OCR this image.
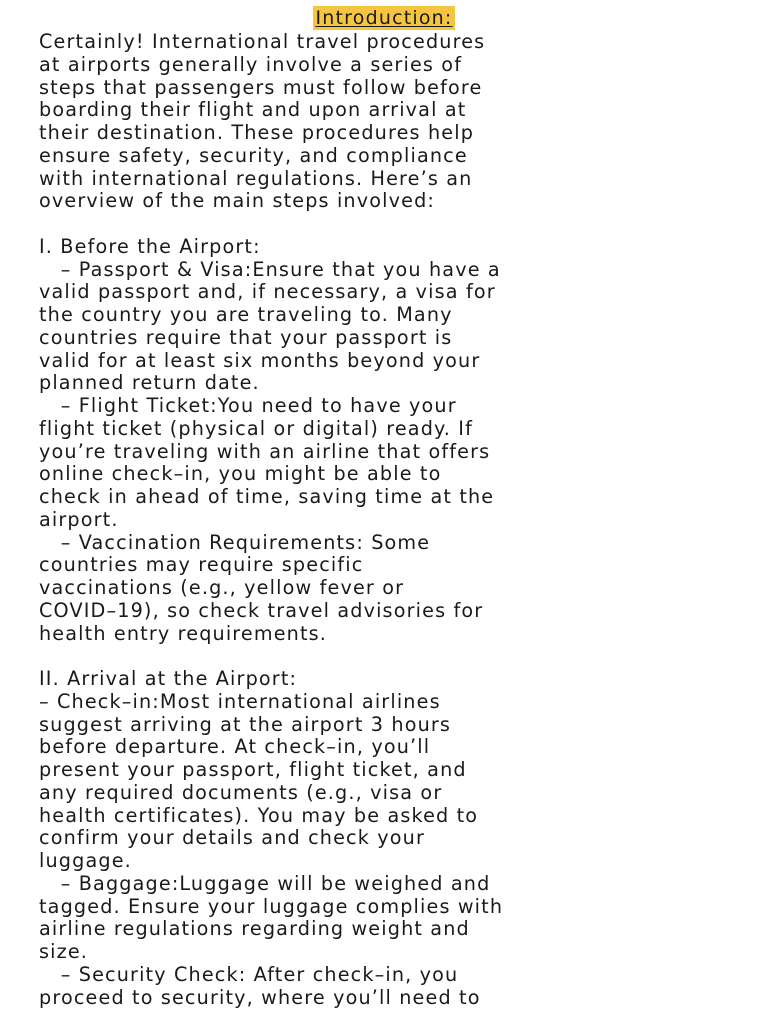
Introduction:
Certainly! International travel procedures
at airports generally involve a series of
steps that passengers must follow before
boarding their flight and upon arrival at
their destination. These procedures help
ensure safety, security, and compliance
with international regulations. Here’s an
overview of the main steps involved:

I. Before the Airport:
– Passport & Visa:Ensure that you have a
valid passport and, if necessary, a visa for
the country you are traveling to. Many
countries require that your passport is
valid for at least six months beyond your
planned return date.
– Flight Ticket:You need to have your
flight ticket (physical or digital) ready. If
you’re traveling with an airline that offers
online check–in, you might be able to
check in ahead of time, saving time at the
airport.
– Vaccination Requirements: Some
countries may require specific
vaccinations (e.g., yellow fever or
COVID–19), so check travel advisories for
health entry requirements.

II. Arrival at the Airport:
– Check–in:Most international airlines
suggest arriving at the airport 3 hours
before departure. At check–in, you’ll
present your passport, flight ticket, and
any required documents (e.g., visa or
health certificates). You may be asked to
confirm your details and check your
luggage.
– Baggage:Luggage will be weighed and
tagged. Ensure your luggage complies with
airline regulations regarding weight and
size.
– Security Check: After check–in, you
proceed to security, where you’ll need to
